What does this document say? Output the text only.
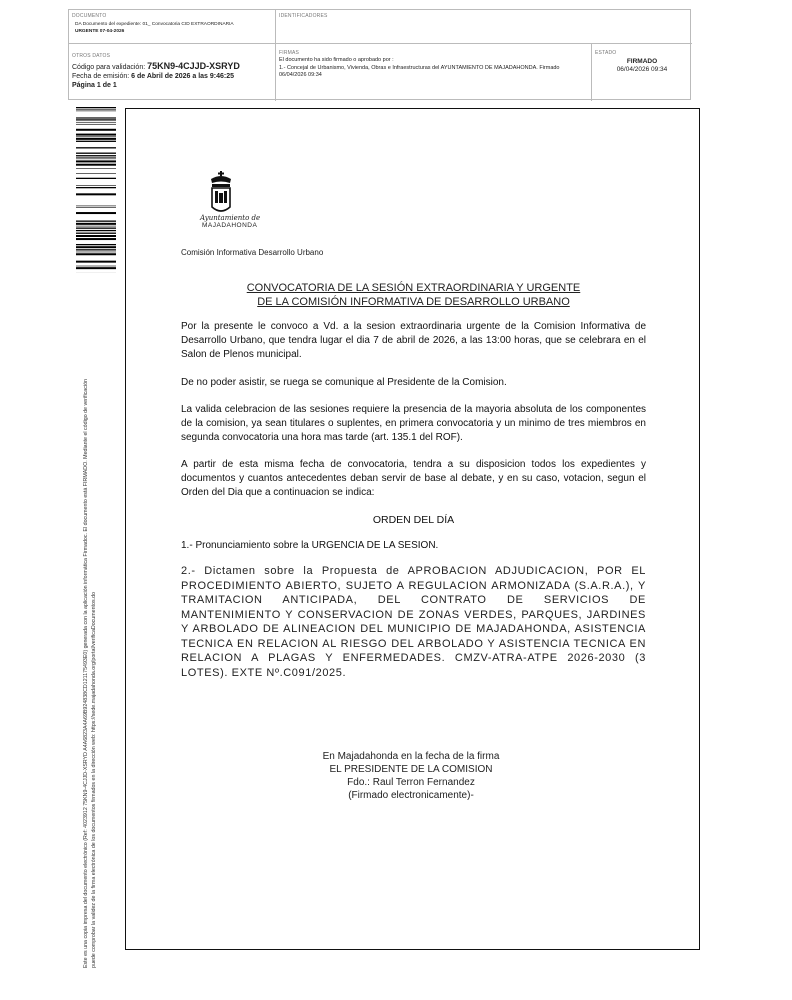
DOCUMENTO
DA Documento del expediente: 01_ Convocatoria CID EXTRAORDINARIA
URGENTE 07-04-2026
IDENTIFICADORES
OTROS DATOS
Código para validación: 75KN9-4CJJD-XSRYD
Fecha de emisión: 6 de Abril de 2026 a las 9:46:25
Página 1 de 1
FIRMAS
El documento ha sido firmado o aprobado por :
1.- Concejal de Urbanismo, Vivienda, Obras e Infraestructuras del AYUNTAMIENTO DE MAJADAHONDA. Firmado
06/04/2026 09:34
ESTADO
FIRMADO
06/04/2026 09:34
Este es una copia impresa del documento electrónico (Ref: 4023912 75KN9-4CJJD-XSRYD A4A6823A4A69B924838CD121175493E0) generada con la aplicación informática Firmadoc. El documento está FIRMADO. Mediante el código de verificación puede comprobar la validez de la firma electrónica de los documentos firmados en la dirección web: https://sede.majadahonda.org/portal/verificaDocumentos.do
Ayuntamiento de
MAJADAHONDA
Comisión Informativa Desarrollo Urbano
CONVOCATORIA DE LA SESIÓN EXTRAORDINARIA Y URGENTE
DE LA COMISIÓN INFORMATIVA DE DESARROLLO URBANO
Por la presente le convoco a Vd. a la sesion extraordinaria urgente de la Comision Informativa de Desarrollo Urbano, que tendra lugar el dia 7 de abril de 2026, a las 13:00 horas, que se celebrara en el Salon de Plenos municipal.
De no poder asistir, se ruega se comunique al Presidente de la Comision.
La valida celebracion de las sesiones requiere la presencia de la mayoria absoluta de los componentes de la comision, ya sean titulares o suplentes, en primera convocatoria y un minimo de tres miembros en segunda convocatoria una hora mas tarde (art. 135.1 del ROF).
A partir de esta misma fecha de convocatoria, tendra a su disposicion todos los expedientes y documentos y cuantos antecedentes deban servir de base al debate, y en su caso, votacion, segun el Orden del Dia que a continuacion se indica:
ORDEN DEL DÍA
1.- Pronunciamiento sobre la URGENCIA DE LA SESION.
2.- Dictamen sobre la Propuesta de APROBACION ADJUDICACION, POR EL PROCEDIMIENTO ABIERTO, SUJETO A REGULACION ARMONIZADA (S.A.R.A.), Y TRAMITACION ANTICIPADA, DEL CONTRATO DE SERVICIOS DE MANTENIMIENTO Y CONSERVACION DE ZONAS VERDES, PARQUES, JARDINES Y ARBOLADO DE ALINEACION DEL MUNICIPIO DE MAJADAHONDA, ASISTENCIA TECNICA EN RELACION AL RIESGO DEL ARBOLADO Y ASISTENCIA TECNICA EN RELACION A PLAGAS Y ENFERMEDADES. CMZV-ATRA-ATPE 2026-2030 (3 LOTES). EXTE Nº.C091/2025.
En Majadahonda en la fecha de la firma
EL PRESIDENTE DE LA COMISION
Fdo.: Raul Terron Fernandez
(Firmado electronicamente)-
